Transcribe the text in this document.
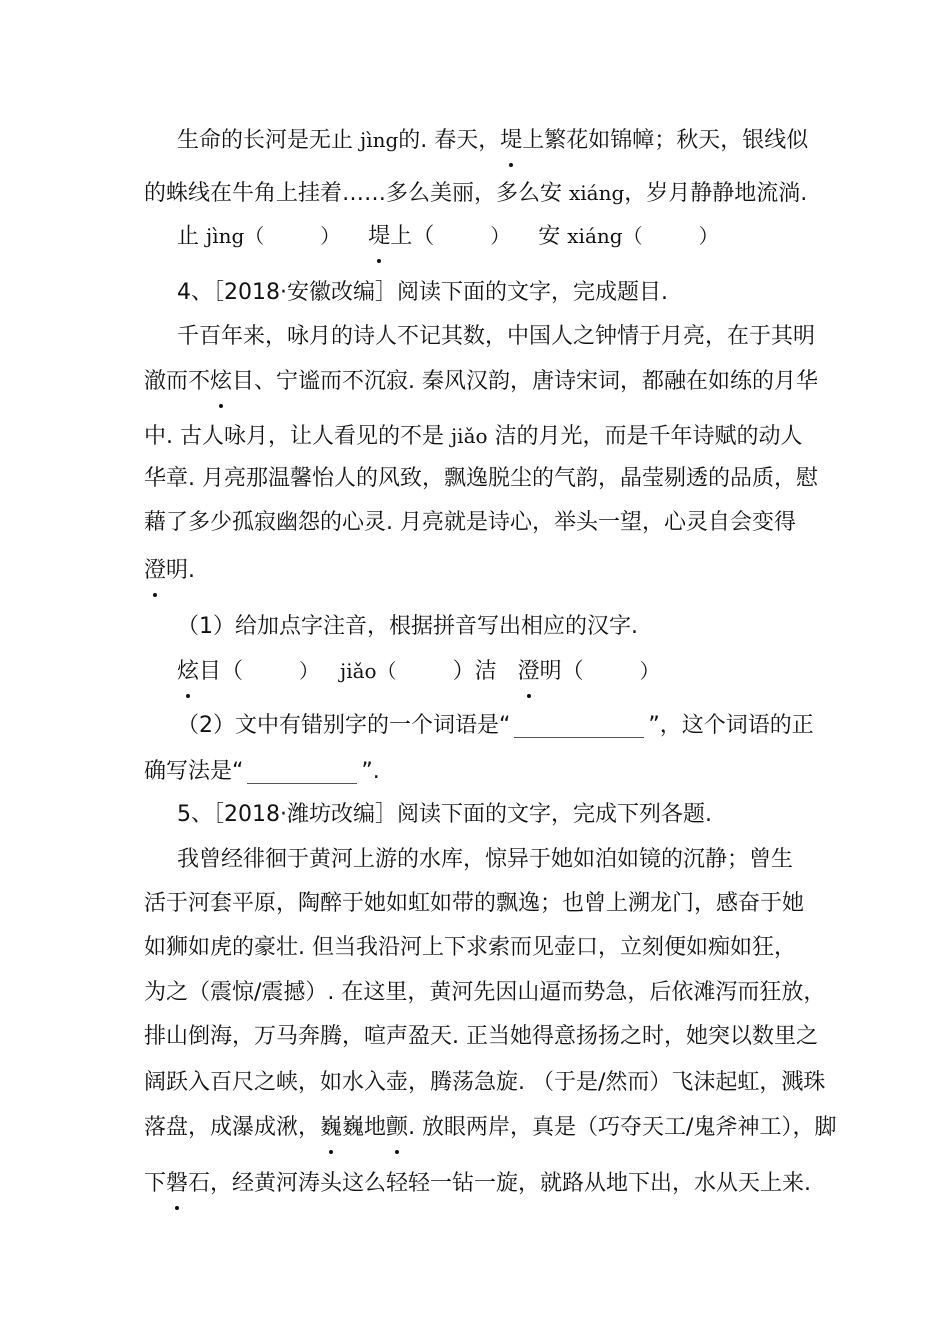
生命的长河是无止 jìng的. 春天，堤上繁花如锦幛；秋天，银线似
的蛛线在牛角上挂着……多么美丽，多么安 xiáng，岁月静静地流淌.
止 jìng（	） 堤上（	） 安 xiáng（	）
4、［2018·安徽改编］阅读下面的文字，完成题目.
千百年来，咏月的诗人不记其数，中国人之钟情于月亮，在于其明
澈而不炫目、宁谧而不沉寂. 秦风汉韵，唐诗宋词，都融在如练的月华
中. 古人咏月，让人看见的不是 jiǎo 洁的月光，而是千年诗赋的动人
华章. 月亮那温馨怡人的风致，飘逸脱尘的气韵，晶莹剔透的品质，慰
藉了多少孤寂幽怨的心灵. 月亮就是诗心，举头一望，心灵自会变得
澄明.
（1）给加点字注音，根据拼音写出相应的汉字.
炫目（	） jiǎo（	）洁 澄明（	）
（2）文中有错别字的一个词语是“	”，这个词语的正
确写法是“	”.
5、［2018·潍坊改编］阅读下面的文字，完成下列各题.
我曾经徘徊于黄河上游的水库，惊异于她如泊如镜的沉静；曾生
活于河套平原，陶醉于她如虹如带的飘逸；也曾上溯龙门，感奋于她
如狮如虎的豪壮. 但当我沿河上下求索而见壶口，立刻便如痴如狂，
为之（震惊/震撼）. 在这里，黄河先因山逼而势急，后依滩泻而狂放，
排山倒海，万马奔腾，喧声盈天. 正当她得意扬扬之时，她突以数里之
阔跃入百尺之峡，如水入壶，腾荡急旋. （于是/然而）飞沫起虹，溅珠
落盘，成瀑成湫，巍巍地颤. 放眼两岸，真是（巧夺天工/鬼斧神工），脚
下磐石，经黄河涛头这么轻轻一钻一旋，就路从地下出，水从天上来.
